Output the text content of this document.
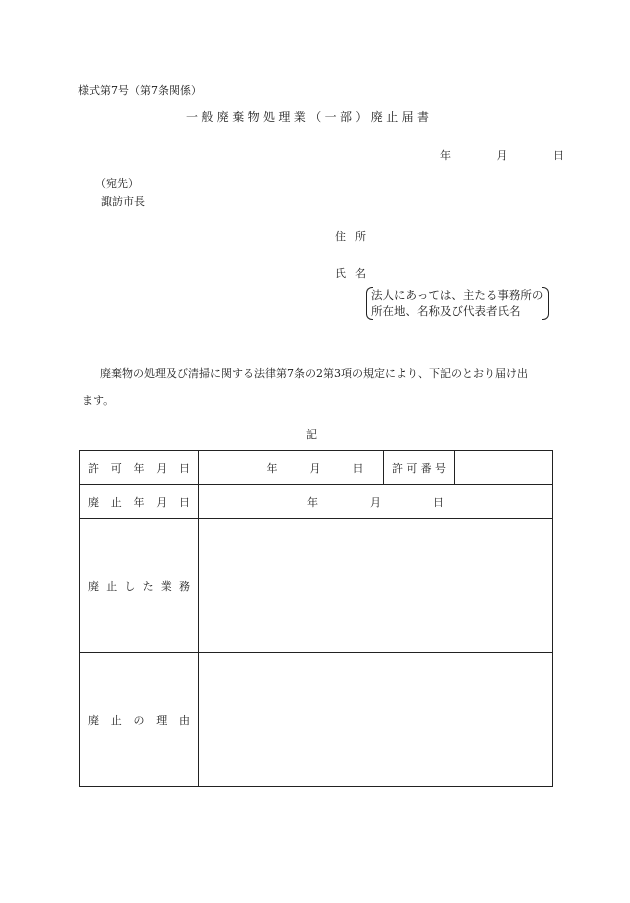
様式第7号（第7条関係）
一般廃棄物処理業（一部）廃止届書
年	月	日
（宛先）
諏訪市長
住所
氏名
法人にあっては、主たる事務所の
所在地、名称及び代表者氏名
廃棄物の処理及び清掃に関する法律第7条の2第3項の規定により、下記のとおり届け出
ます。
記
許 可 年 月 日	年 月 日	許可番号	
廃 止 年 月 日	年 月 日		
廃止した業務			
廃 止 の 理 由			
